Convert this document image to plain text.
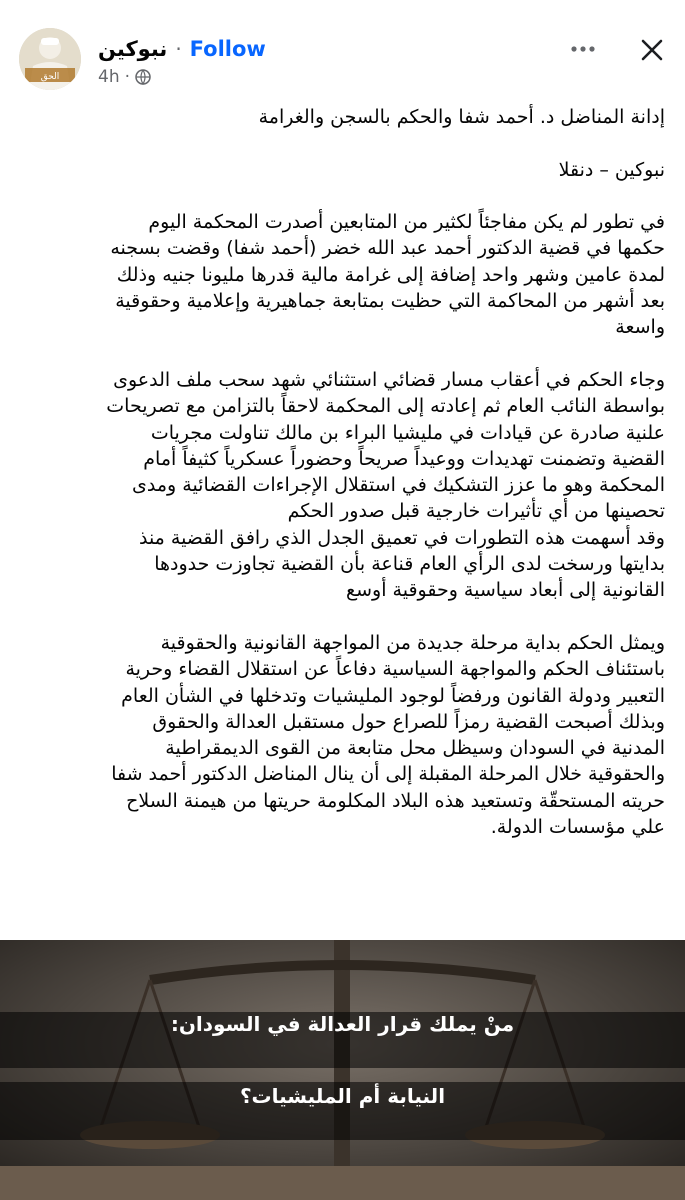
الحق
نبوكين · Follow
4h ·
إدانة المناضل د. أحمد شفا والحكم بالسجن والغرامة
نبوكين – دنقلا
في تطور لم يكن مفاجئاً لكثير من المتابعين أصدرت المحكمة اليوم
حكمها في قضية الدكتور أحمد عبد الله خضر (أحمد شفا) وقضت بسجنه
لمدة عامين وشهر واحد إضافة إلى غرامة مالية قدرها مليونا جنيه وذلك
بعد أشهر من المحاكمة التي حظيت بمتابعة جماهيرية وإعلامية وحقوقية
واسعة
وجاء الحكم في أعقاب مسار قضائي استثنائي شهد سحب ملف الدعوى
بواسطة النائب العام ثم إعادته إلى المحكمة لاحقاً بالتزامن مع تصريحات
علنية صادرة عن قيادات في مليشيا البراء بن مالك تناولت مجريات
القضية وتضمنت تهديدات ووعيداً صريحاً وحضوراً عسكرياً كثيفاً أمام
المحكمة وهو ما عزز التشكيك في استقلال الإجراءات القضائية ومدى
تحصينها من أي تأثيرات خارجية قبل صدور الحكم
وقد أسهمت هذه التطورات في تعميق الجدل الذي رافق القضية منذ
بدايتها ورسخت لدى الرأي العام قناعة بأن القضية تجاوزت حدودها
القانونية إلى أبعاد سياسية وحقوقية أوسع
ويمثل الحكم بداية مرحلة جديدة من المواجهة القانونية والحقوقية
باستئناف الحكم والمواجهة السياسية دفاعاً عن استقلال القضاء وحرية
التعبير ودولة القانون ورفضاً لوجود المليشيات وتدخلها في الشأن العام
وبذلك أصبحت القضية رمزاً للصراع حول مستقبل العدالة والحقوق
المدنية في السودان وسيظل محل متابعة من القوى الديمقراطية
والحقوقية خلال المرحلة المقبلة إلى أن ينال المناضل الدكتور أحمد شفا
حريته المستحقّة وتستعيد هذه البلاد المكلومة حريتها من هيمنة السلاح
علي مؤسسات الدولة.
منْ يملك قرار العدالة في السودان:
النيابة أم المليشيات؟
